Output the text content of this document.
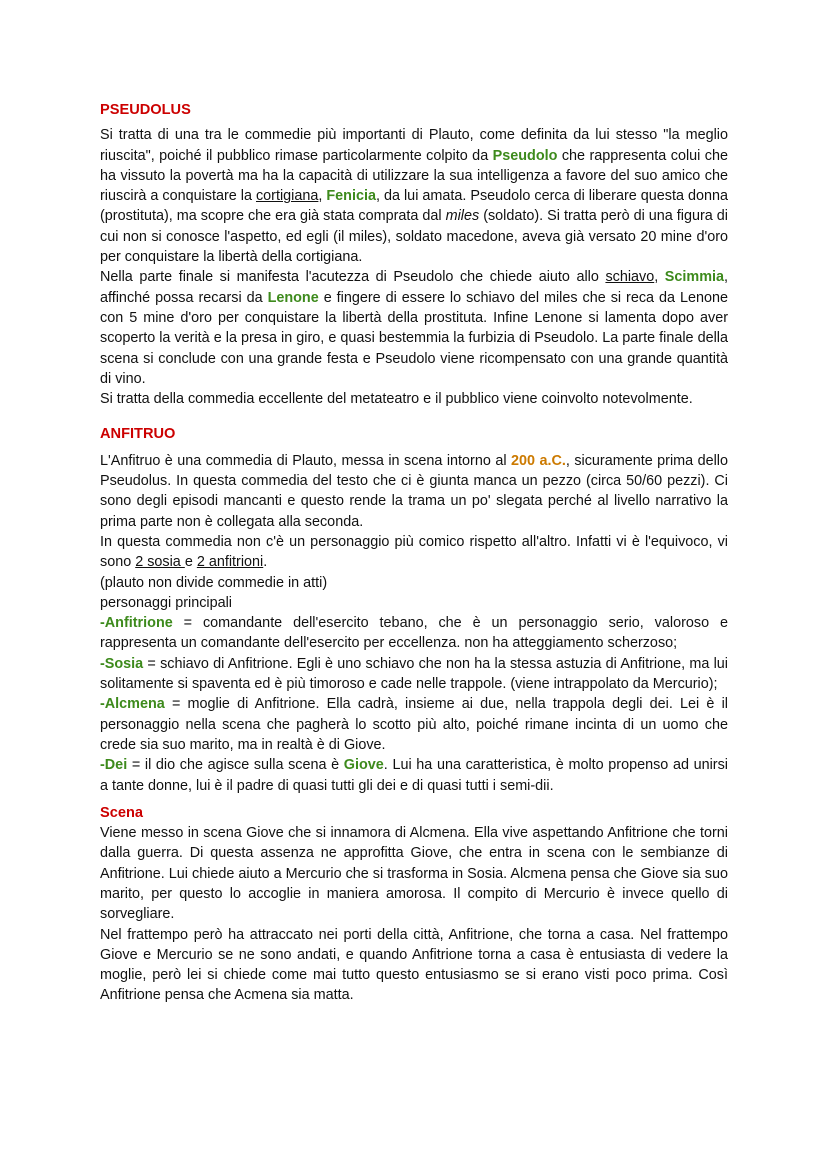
PSEUDOLUS

Si tratta di una tra le commedie più importanti di Plauto, come definita da lui stesso "la meglio riuscita", poiché il pubblico rimase particolarmente colpito da Pseudolo che rappresenta colui che ha vissuto la povertà ma ha la capacità di utilizzare la sua intelligenza a favore del suo amico che riuscirà a conquistare la cortigiana, Fenicia, da lui amata. Pseudolo cerca di liberare questa donna (prostituta), ma scopre che era già stata comprata dal miles (soldato). Si tratta però di una figura di cui non si conosce l'aspetto, ed egli (il miles), soldato macedone, aveva già versato 20 mine d'oro per conquistare la libertà della cortigiana.

Nella parte finale si manifesta l'acutezza di Pseudolo che chiede aiuto allo schiavo, Scimmia, affinché possa recarsi da Lenone e fingere di essere lo schiavo del miles che si reca da Lenone con 5 mine d'oro per conquistare la libertà della prostituta. Infine Lenone si lamenta dopo aver scoperto la verità e la presa in giro, e quasi bestemmia la furbizia di Pseudolo. La parte finale della scena si conclude con una grande festa e Pseudolo viene ricompensato con una grande quantità di vino.

Si tratta della commedia eccellente del metateatro e il pubblico viene coinvolto notevolmente.

ANFITRUO

L'Anfitruo è una commedia di Plauto, messa in scena intorno al 200 a.C., sicuramente prima dello Pseudolus. In questa commedia del testo che ci è giunta manca un pezzo (circa 50/60 pezzi). Ci sono degli episodi mancanti e questo rende la trama un po' slegata perché al livello narrativo la prima parte non è collegata alla seconda.

In questa commedia non c'è un personaggio più comico rispetto all'altro. Infatti vi è l'equivoco, vi sono 2 sosia e 2 anfitrioni.

(plauto non divide commedie in atti)
personaggi principali

-Anfitrione = comandante dell'esercito tebano, che è un personaggio serio, valoroso e rappresenta un comandante dell'esercito per eccellenza. non ha atteggiamento scherzoso;

-Sosia = schiavo di Anfitrione. Egli è uno schiavo che non ha la stessa astuzia di Anfitrione, ma lui solitamente si spaventa ed è più timoroso e cade nelle trappole. (viene intrappolato da Mercurio);

-Alcmena = moglie di Anfitrione. Ella cadrà, insieme ai due, nella trappola degli dei. Lei è il personaggio nella scena che pagherà lo scotto più alto, poiché rimane incinta di un uomo che crede sia suo marito, ma in realtà è di Giove.

-Dei = il dio che agisce sulla scena è Giove. Lui ha una caratteristica, è molto propenso ad unirsi a tante donne, lui è il padre di quasi tutti gli dei e di quasi tutti i semi-dii.

Scena

Viene messo in scena Giove che si innamora di Alcmena. Ella vive aspettando Anfitrione che torni dalla guerra. Di questa assenza ne approfitta Giove, che entra in scena con le sembianze di Anfitrione. Lui chiede aiuto a Mercurio che si trasforma in Sosia. Alcmena pensa che Giove sia suo marito, per questo lo accoglie in maniera amorosa. Il compito di Mercurio è invece quello di sorvegliare.

Nel frattempo però ha attraccato nei porti della città, Anfitrione, che torna a casa. Nel frattempo Giove e Mercurio se ne sono andati, e quando Anfitrione torna a casa è entusiasta di vedere la moglie, però lei si chiede come mai tutto questo entusiasmo se si erano visti poco prima. Così Anfitrione pensa che Acmena sia matta.
